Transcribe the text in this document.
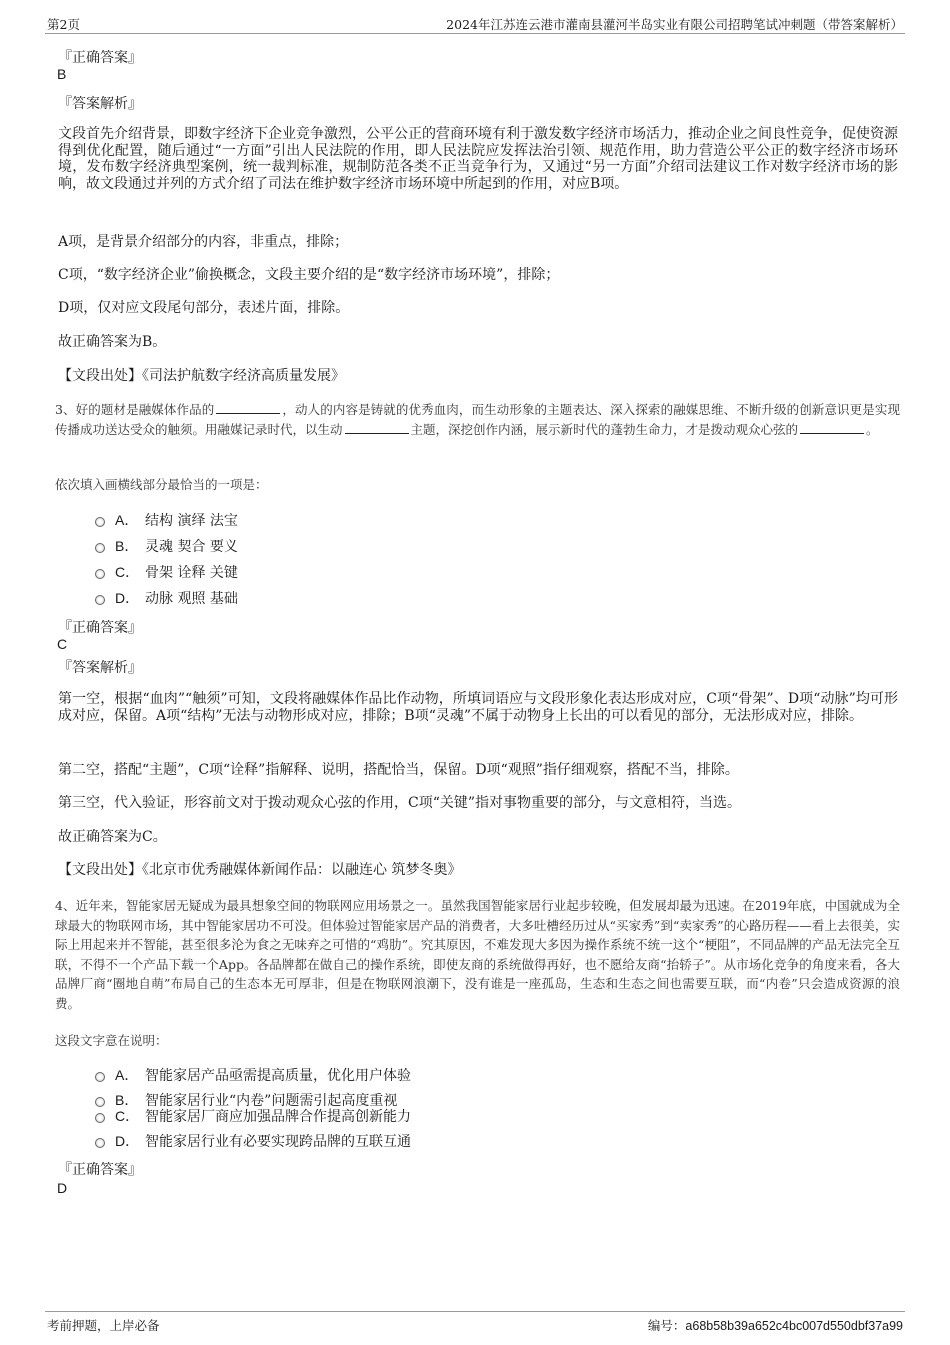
第2页	2024年江苏连云港市灌南县灌河半岛实业有限公司招聘笔试冲刺题（带答案解析）
『正确答案』
B
『答案解析』
文段首先介绍背景，即数字经济下企业竞争激烈，公平公正的营商环境有利于激发数字经济市场活力，推动企业之间良性竞争，促使资源得到优化配置，随后通过“一方面”引出人民法院的作用，即人民法院应发挥法治引领、规范作用，助力营造公平公正的数字经济市场环境，发布数字经济典型案例，统一裁判标准，规制防范各类不正当竞争行为，又通过“另一方面”介绍司法建议工作对数字经济市场的影响，故文段通过并列的方式介绍了司法在维护数字经济市场环境中所起到的作用，对应B项。
A项，是背景介绍部分的内容，非重点，排除；
C项，“数字经济企业”偷换概念，文段主要介绍的是“数字经济市场环境”，排除；
D项，仅对应文段尾句部分，表述片面，排除。
故正确答案为B。
【文段出处】《司法护航数字经济高质量发展》
3、好的题材是融媒体作品的	，动人的内容是铸就的优秀血肉，而生动形象的主题表达、深入探索的融媒思维、不断升级的创新意识更是实现传播成功送达受众的触须。用融媒记录时代，以生动	主题，深挖创作内涵，展示新时代的蓬勃生命力，才是拨动观众心弦的	。
依次填入画横线部分最恰当的一项是：
A． 结构 演绎 法宝
B． 灵魂 契合 要义
C． 骨架 诠释 关键
D． 动脉 观照 基础
『正确答案』
C
『答案解析』
第一空，根据“血肉”“触须”可知，文段将融媒体作品比作动物，所填词语应与文段形象化表达形成对应，C项“骨架”、D项“动脉”均可形成对应，保留。A项“结构”无法与动物形成对应，排除；B项“灵魂”不属于动物身上长出的可以看见的部分，无法形成对应，排除。
第二空，搭配“主题”，C项“诠释”指解释、说明，搭配恰当，保留。D项“观照”指仔细观察，搭配不当，排除。
第三空，代入验证，形容前文对于拨动观众心弦的作用，C项“关键”指对事物重要的部分，与文意相符，当选。
故正确答案为C。
【文段出处】《北京市优秀融媒体新闻作品：以融连心 筑梦冬奥》
4、近年来，智能家居无疑成为最具想象空间的物联网应用场景之一。虽然我国智能家居行业起步较晚，但发展却最为迅速。在2019年底，中国就成为全球最大的物联网市场，其中智能家居功不可没。但体验过智能家居产品的消费者，大多吐槽经历过从“买家秀”到“卖家秀”的心路历程——看上去很美，实际上用起来并不智能，甚至很多沦为食之无味弃之可惜的“鸡肋”。究其原因，不难发现大多因为操作系统不统一这个“梗阻”，不同品牌的产品无法完全互联，不得不一个产品下载一个App。各品牌都在做自己的操作系统，即使友商的系统做得再好，也不愿给友商“抬轿子”。从市场化竞争的角度来看，各大品牌厂商“圈地自萌”布局自己的生态本无可厚非，但是在物联网浪潮下，没有谁是一座孤岛，生态和生态之间也需要互联，而“内卷”只会造成资源的浪费。
这段文字意在说明：
A． 智能家居产品亟需提高质量，优化用户体验
B． 智能家居行业“内卷”问题需引起高度重视
C． 智能家居厂商应加强品牌合作提高创新能力
D． 智能家居行业有必要实现跨品牌的互联互通
『正确答案』
D
考前押题，上岸必备	编号：a68b58b39a652c4bc007d550dbf37a99
